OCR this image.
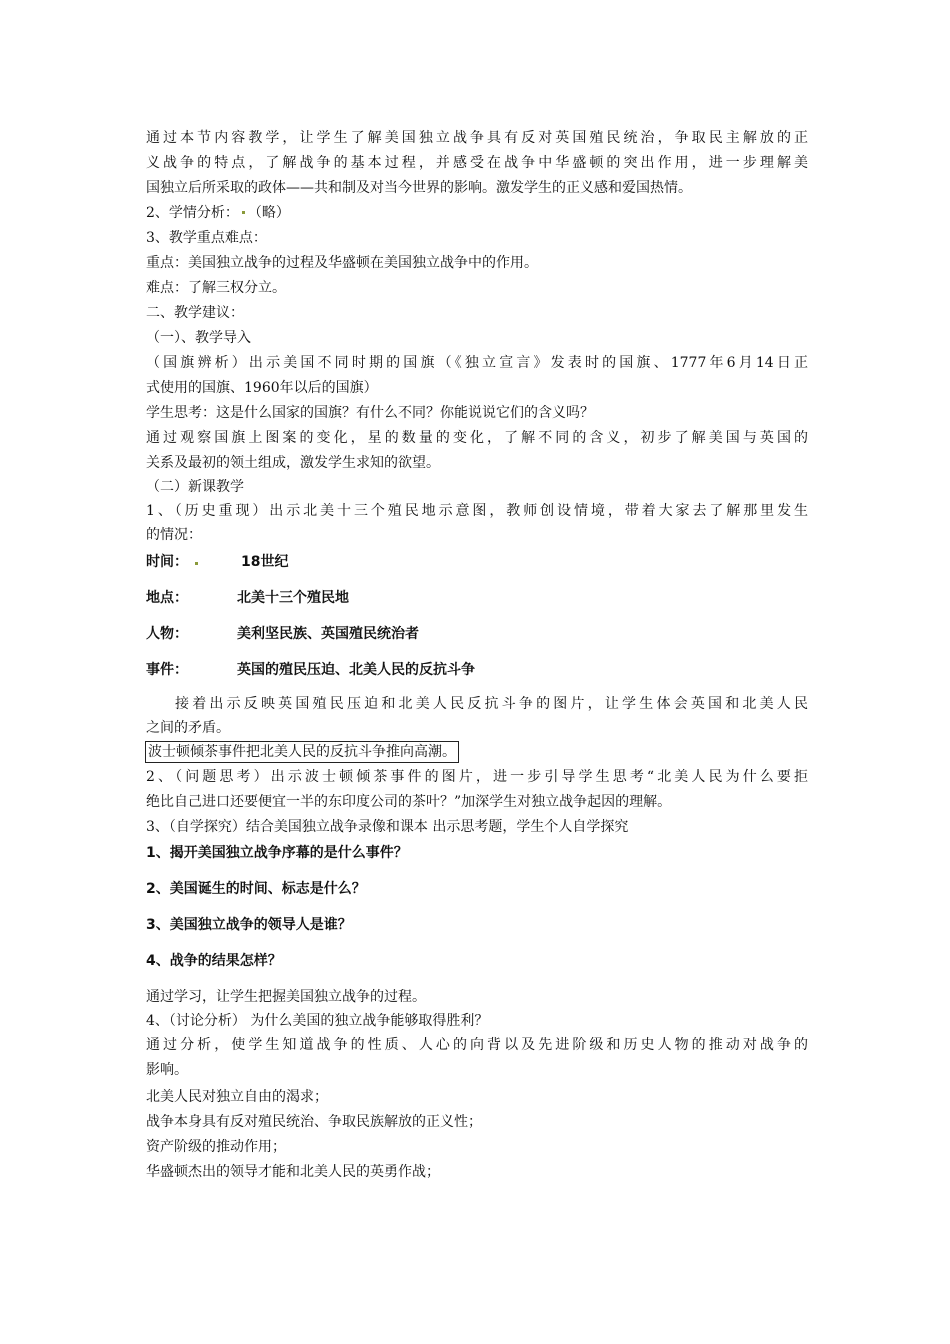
通过本节内容教学，让学生了解美国独立战争具有反对英国殖民统治，争取民主解放的正
义战争的特点，了解战争的基本过程，并感受在战争中华盛顿的突出作用，进一步理解美
国独立后所采取的政体——共和制及对当今世界的影响。激发学生的正义感和爱国热情。
2、学情分析： （略）
3、教学重点难点：
重点：美国独立战争的过程及华盛顿在美国独立战争中的作用。
难点：了解三权分立。
二、教学建议：
（一）、教学导入
（国旗辨析）出示美国不同时期的国旗（《独立宣言》发表时的国旗、1777年6月14日正
式使用的国旗、1960年以后的国旗）
学生思考：这是什么国家的国旗？有什么不同？你能说说它们的含义吗？
通过观察国旗上图案的变化，星的数量的变化，了解不同的含义，初步了解美国与英国的
关系及最初的领土组成，激发学生求知的欲望。
（二）新课教学
1、（历史重现）出示北美十三个殖民地示意图，教师创设情境，带着大家去了解那里发生
的情况：
时间：	18世纪
地点：	北美十三个殖民地
人物：	美利坚民族、英国殖民统治者
事件：	英国的殖民压迫、北美人民的反抗斗争
接着出示反映英国殖民压迫和北美人民反抗斗争的图片，让学生体会英国和北美人民
之间的矛盾。
波士顿倾茶事件把北美人民的反抗斗争推向高潮。
2、（问题思考）出示波士顿倾茶事件的图片，进一步引导学生思考“北美人民为什么要拒
绝比自己进口还要便宜一半的东印度公司的茶叶？”加深学生对独立战争起因的理解。
3、（自学探究）结合美国独立战争录像和课本 出示思考题，学生个人自学探究
1、揭开美国独立战争序幕的是什么事件？
2、美国诞生的时间、标志是什么？
3、美国独立战争的领导人是谁？
4、战争的结果怎样？
通过学习，让学生把握美国独立战争的过程。
4、（讨论分析） 为什么美国的独立战争能够取得胜利？
通过分析，使学生知道战争的性质、人心的向背以及先进阶级和历史人物的推动对战争的
影响。
北美人民对独立自由的渴求；
战争本身具有反对殖民统治、争取民族解放的正义性；
资产阶级的推动作用；
华盛顿杰出的领导才能和北美人民的英勇作战；
